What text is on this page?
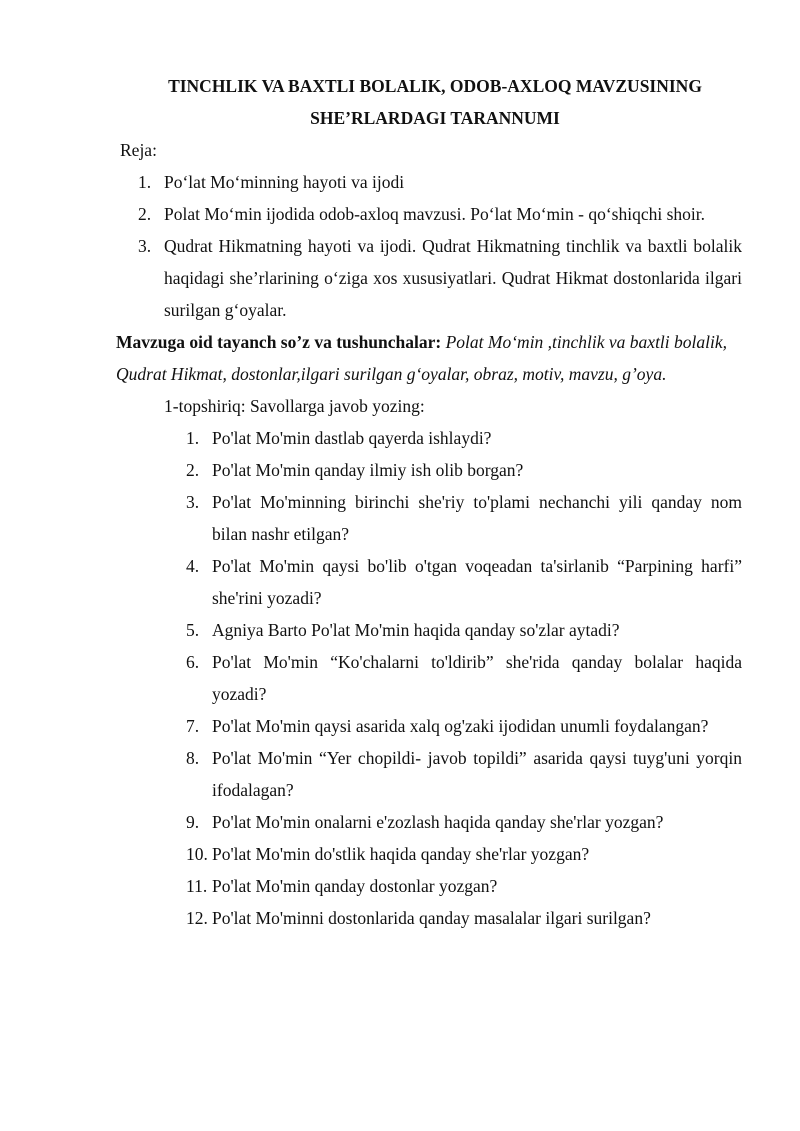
TINCHLIK VA BAXTLI BOLALIK, ODOB-AXLOQ MAVZUSINING
SHE’RLARDAGI TARANNUMI

Reja:

1. Po‘lat Mo‘minning hayoti va ijodi
2. Polat Mo‘min ijodida odob-axloq mavzusi. Po‘lat Mo‘min - qo‘shiqchi shoir.
3. Qudrat Hikmatning hayoti va ijodi. Qudrat Hikmatning tinchlik va baxtli bolalik haqidagi she’rlarining o‘ziga xos xususiyatlari. Qudrat Hikmat dostonlarida ilgari surilgan g‘oyalar.

Mavzuga oid tayanch so’z va tushunchalar: Polat Mo‘min ,tinchlik va baxtli bolalik, Qudrat Hikmat, dostonlar,ilgari surilgan g‘oyalar, obraz, motiv, mavzu, g’oya.

1-topshiriq: Savollarga javob yozing:

1. Po'lat Mo'min dastlab qayerda ishlaydi?
2. Po'lat Mo'min qanday ilmiy ish olib borgan?
3. Po'lat Mo'minning birinchi she'riy to'plami nechanchi yili qanday nom bilan nashr etilgan?
4. Po'lat Mo'min qaysi bo'lib o'tgan voqeadan ta'sirlanib “Parpining harfi” she'rini yozadi?
5. Agniya Barto Po'lat Mo'min haqida qanday so'zlar aytadi?
6. Po'lat Mo'min “Ko'chalarni to'ldirib” she'rida qanday bolalar haqida yozadi?
7. Po'lat Mo'min qaysi asarida xalq og'zaki ijodidan unumli foydalangan?
8. Po'lat Mo'min “Yer chopildi- javob topildi” asarida qaysi tuyg'uni yorqin ifodalagan?
9. Po'lat Mo'min onalarni e'zozlash haqida qanday she'rlar yozgan?
10. Po'lat Mo'min do'stlik haqida qanday she'rlar yozgan?
11. Po'lat Mo'min qanday dostonlar yozgan?
12. Po'lat Mo'minni dostonlarida qanday masalalar ilgari surilgan?
